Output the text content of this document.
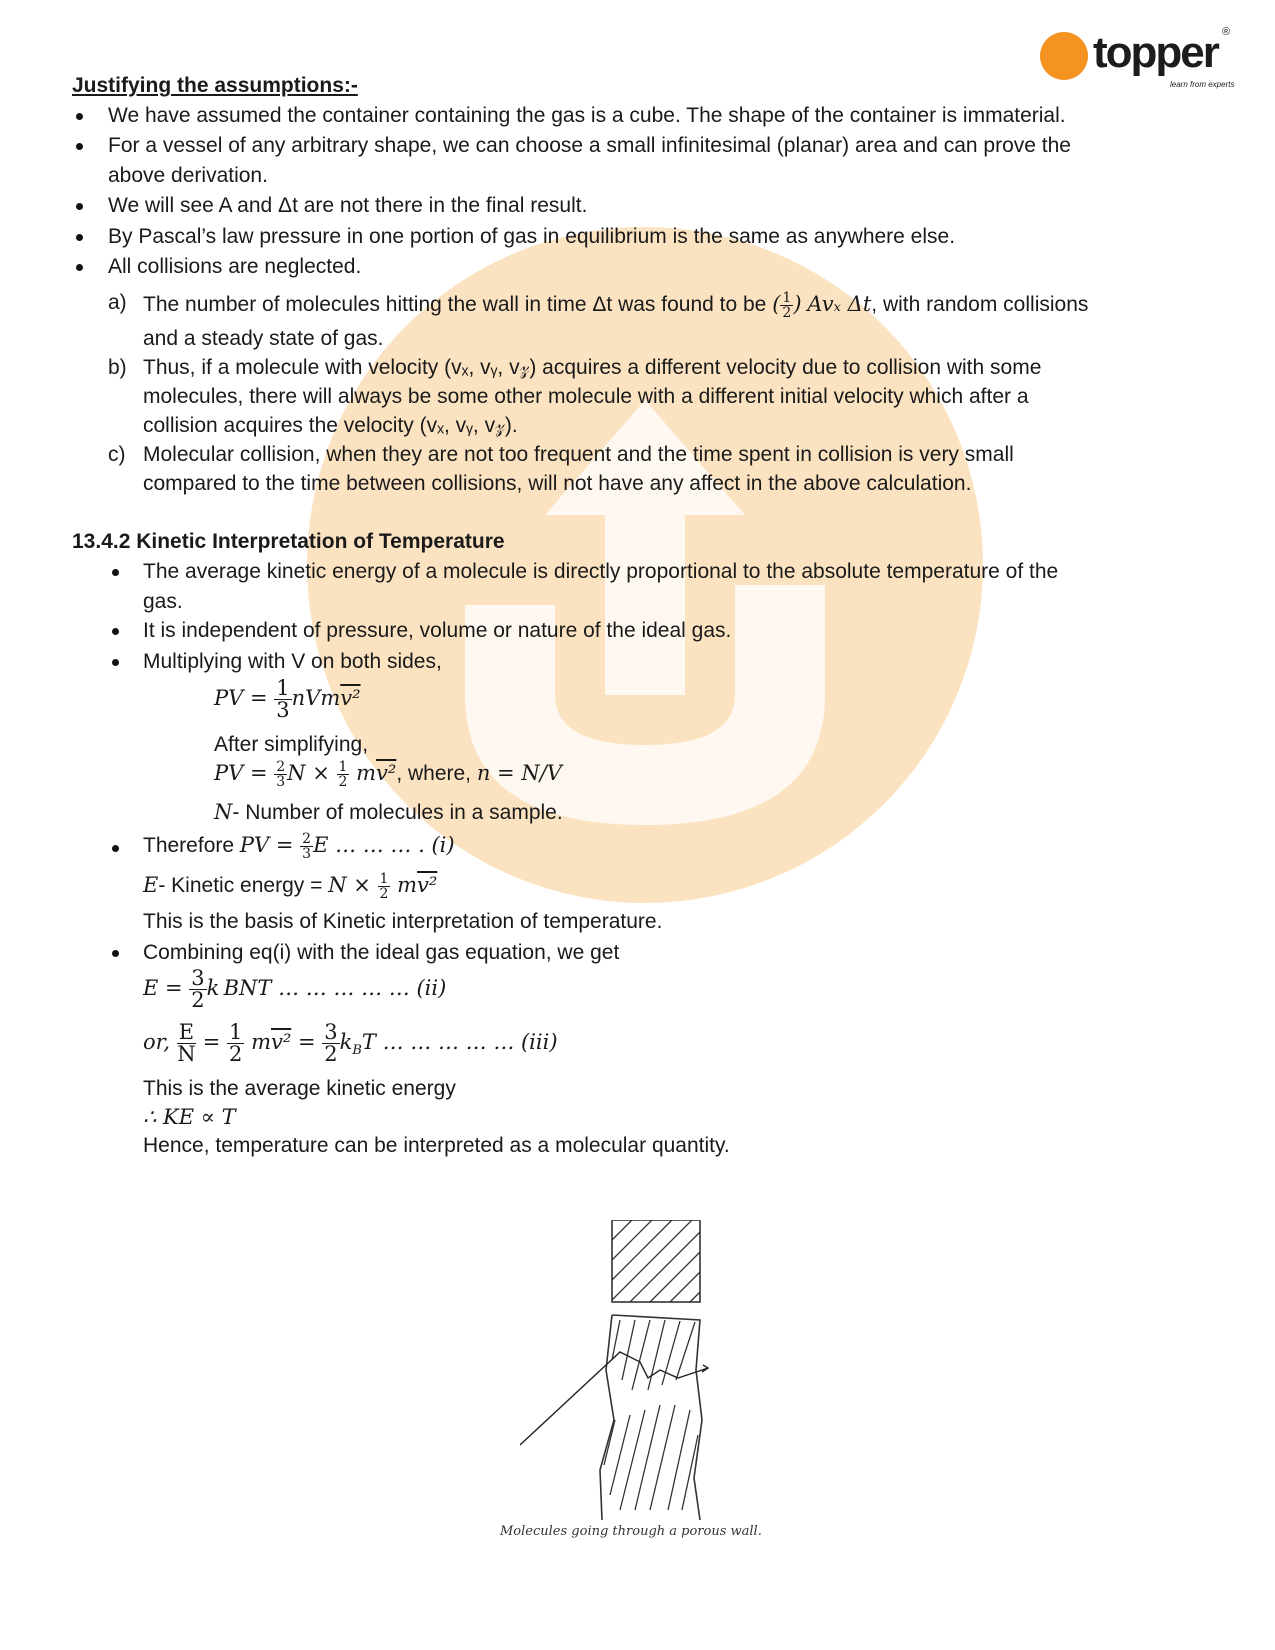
topper ®
learn from experts
Justifying the assumptions:-
We have assumed the container containing the gas is a cube. The shape of the container is immaterial.
For a vessel of any arbitrary shape, we can choose a small infinitesimal (planar) area and can prove the
above derivation.
We will see A and Δt are not there in the final result.
By Pascal’s law pressure in one portion of gas in equilibrium is the same as anywhere else.
All collisions are neglected.
a) The number of molecules hitting the wall in time Δt was found to be ( $\frac{1}{2}$ ) Avₓ Δt, with random collisions
and a steady state of gas.
b) Thus, if a molecule with velocity (vₓ, vᵧ, v𝓏) acquires a different velocity due to collision with some
molecules, there will always be some other molecule with a different initial velocity which after a
collision acquires the velocity (vₓ, vᵧ, v𝓏).
c) Molecular collision, when they are not too frequent and the time spent in collision is very small
compared to the time between collisions, will not have any affect in the above calculation.
13.4.2 Kinetic Interpretation of Temperature
The average kinetic energy of a molecule is directly proportional to the absolute temperature of the
gas.
It is independent of pressure, volume or nature of the ideal gas.
Multiplying with V on both sides,
PV = $\frac{1}{3}$ nVmv²
After simplifying,
PV = $\frac{2}{3}$ $N \times \frac{1}{2} mv^2$, where, n = N/V
N- Number of molecules in a sample.
Therefore PV = $\frac{2}{3}$ E … … … . (i)
E- Kinetic energy = $N \times \frac{1}{2} mv^2$
This is the basis of Kinetic interpretation of temperature.
Combining eq(i) with the ideal gas equation, we get
$E = \frac{3}{2}$ k BNT … … … … … (ii)
or, $\frac{E}{N} = \frac{1}{2} mv^2 = \frac{3}{2} k_BT$ … … … … … (iii)
This is the average kinetic energy
∴ KE ∝ T
Hence, temperature can be interpreted as a molecular quantity.
Molecules going through a porous wall.
